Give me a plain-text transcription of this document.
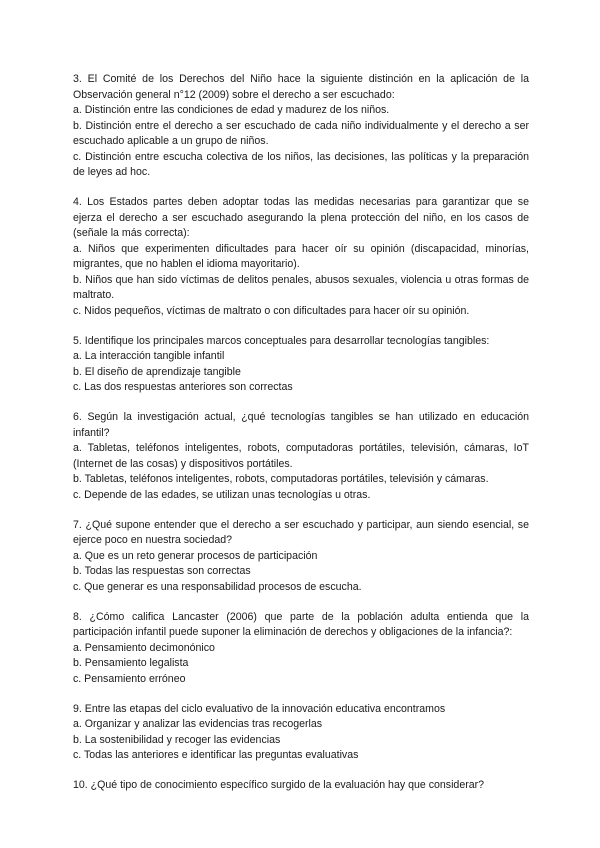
3. El Comité de los Derechos del Niño hace la siguiente distinción en la aplicación de la Observación general n°12 (2009) sobre el derecho a ser escuchado:

a. Distinción entre las condiciones de edad y madurez de los niños.

b. Distinción entre el derecho a ser escuchado de cada niño individualmente y el derecho a ser escuchado aplicable a un grupo de niños.

c. Distinción entre escucha colectiva de los niños, las decisiones, las políticas y la preparación de leyes ad hoc.

4. Los Estados partes deben adoptar todas las medidas necesarias para garantizar que se ejerza el derecho a ser escuchado asegurando la plena protección del niño, en los casos de (señale la más correcta):

a. Niños que experimenten dificultades para hacer oír su opinión (discapacidad, minorías, migrantes, que no hablen el idioma mayoritario).

b. Niños que han sido víctimas de delitos penales, abusos sexuales, violencia u otras formas de maltrato.

c. Nidos pequeños, víctimas de maltrato o con dificultades para hacer oír su opinión.

5. Identifique los principales marcos conceptuales para desarrollar tecnologías tangibles:

a. La interacción tangible infantil

b. El diseño de aprendizaje tangible

c. Las dos respuestas anteriores son correctas

6. Según la investigación actual, ¿qué tecnologías tangibles se han utilizado en educación infantil?

a. Tabletas, teléfonos inteligentes, robots, computadoras portátiles, televisión, cámaras, IoT (Internet de las cosas) y dispositivos portátiles.

b. Tabletas, teléfonos inteligentes, robots, computadoras portátiles, televisión y cámaras.

c. Depende de las edades, se utilizan unas tecnologías u otras.

7. ¿Qué supone entender que el derecho a ser escuchado y participar, aun siendo esencial, se ejerce poco en nuestra sociedad?

a. Que es un reto generar procesos de participación

b. Todas las respuestas son correctas

c. Que generar es una responsabilidad procesos de escucha.

8. ¿Cómo califica Lancaster (2006) que parte de la población adulta entienda que la participación infantil puede suponer la eliminación de derechos y obligaciones de la infancia?:

a. Pensamiento decimonónico

b. Pensamiento legalista

c. Pensamiento erróneo

9. Entre las etapas del ciclo evaluativo de la innovación educativa encontramos

a. Organizar y analizar las evidencias tras recogerlas

b. La sostenibilidad y recoger las evidencias

c. Todas las anteriores e identificar las preguntas evaluativas

10. ¿Qué tipo de conocimiento específico surgido de la evaluación hay que considerar?
